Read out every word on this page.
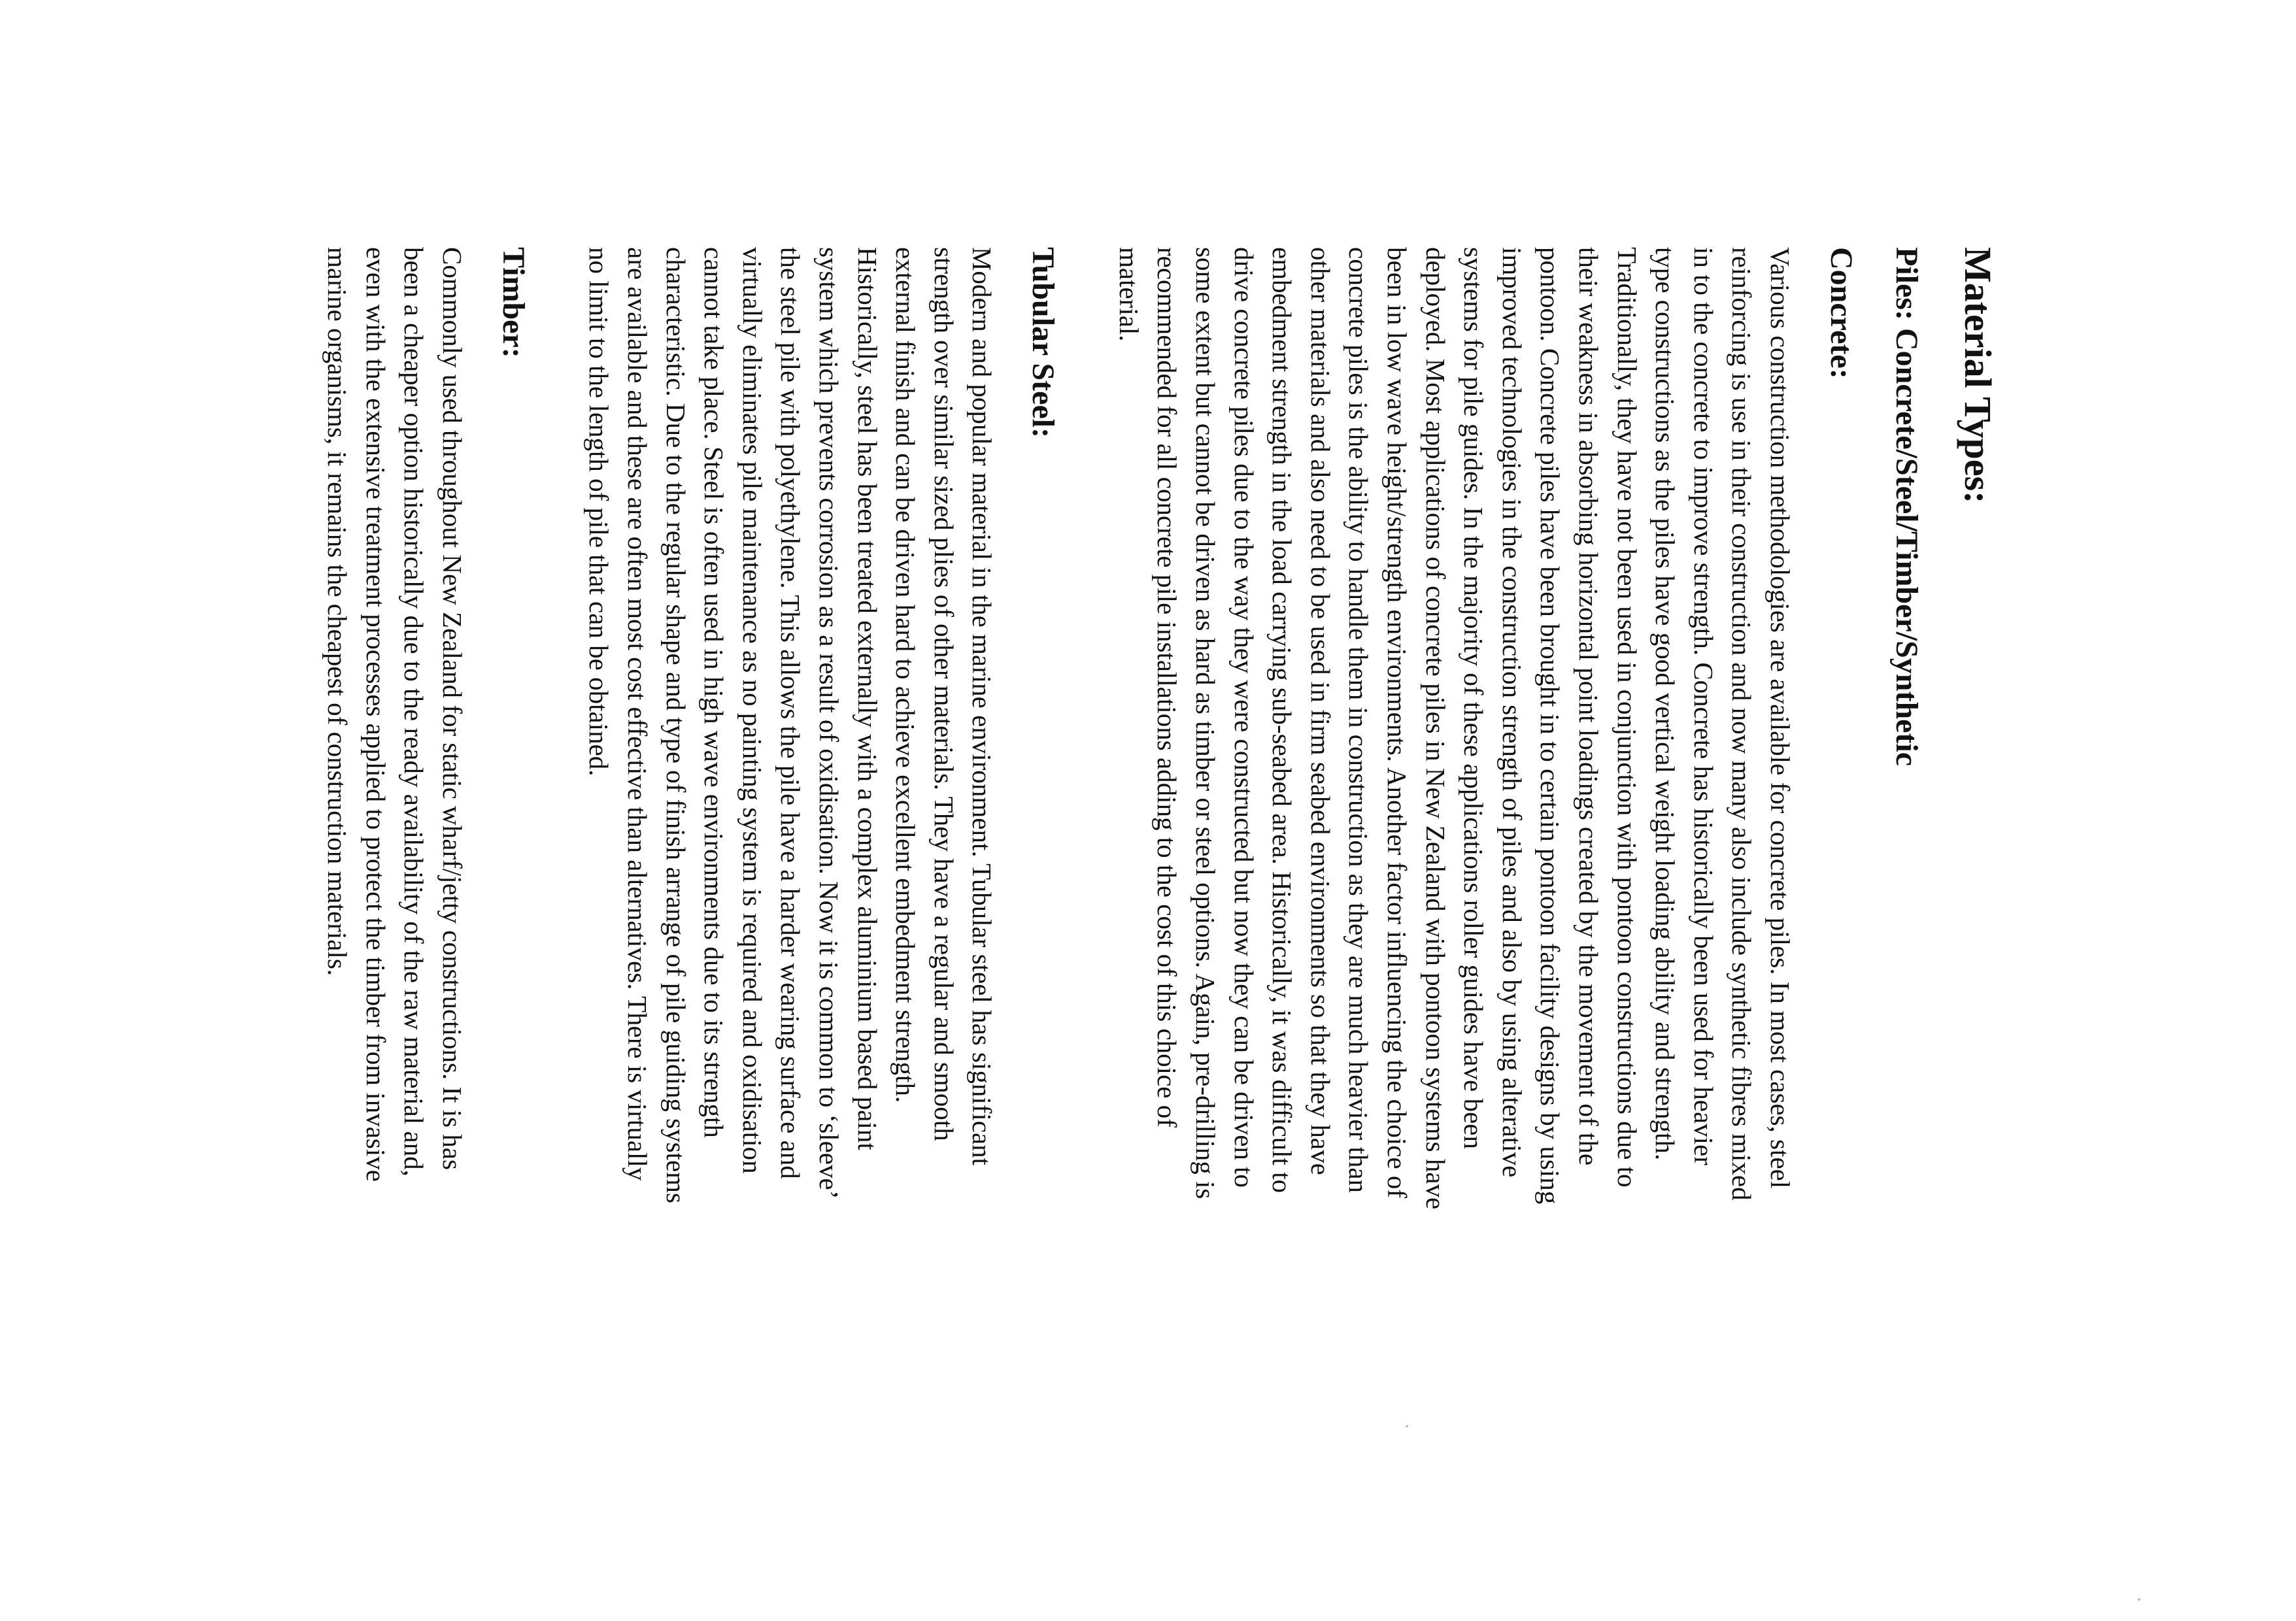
Material Types:
Piles: Concrete/Steel/Timber/Synthetic
Concrete:
Various construction methodologies are available for concrete piles. In most cases, steel
reinforcing is use in their construction and now many also include synthetic fibres mixed
in to the concrete to improve strength. Concrete has historically been used for heavier
type constructions as the piles have good vertical weight loading ability and strength.
Traditionally, they have not been used in conjunction with pontoon constructions due to
their weakness in absorbing horizontal point loadings created by the movement of the
pontoon. Concrete piles have been brought in to certain pontoon facility designs by using
improved technologies in the construction strength of piles and also by using alterative
systems for pile guides. In the majority of these applications roller guides have been
deployed. Most applications of concrete piles in New Zealand with pontoon systems have
been in low wave height/strength environments. Another factor influencing the choice of
concrete piles is the ability to handle them in construction as they are much heavier than
other materials and also need to be used in firm seabed environments so that they have
embedment strength in the load carrying sub-seabed area. Historically, it was difficult to
drive concrete piles due to the way they were constructed but now they can be driven to
some extent but cannot be driven as hard as timber or steel options. Again, pre-drilling is
recommended for all concrete pile installations adding to the cost of this choice of
material.
Tubular Steel:
Modern and popular material in the marine environment. Tubular steel has significant
strength over similar sized plies of other materials. They have a regular and smooth
external finish and can be driven hard to achieve excellent embedment strength.
Historically, steel has been treated externally with a complex aluminium based paint
system which prevents corrosion as a result of oxidisation. Now it is common to ‘sleeve’
the steel pile with polyethylene. This allows the pile have a harder wearing surface and
virtually eliminates pile maintenance as no painting system is required and oxidisation
cannot take place. Steel is often used in high wave environments due to its strength
characteristic. Due to the regular shape and type of finish arrange of pile guiding systems
are available and these are often most cost effective than alternatives. There is virtually
no limit to the length of pile that can be obtained.
Timber:
Commonly used throughout New Zealand for static wharf/jetty constructions. It is has
been a cheaper option historically due to the ready availability of the raw material and,
even with the extensive treatment processes applied to protect the timber from invasive
marine organisms, it remains the cheapest of construction materials.
